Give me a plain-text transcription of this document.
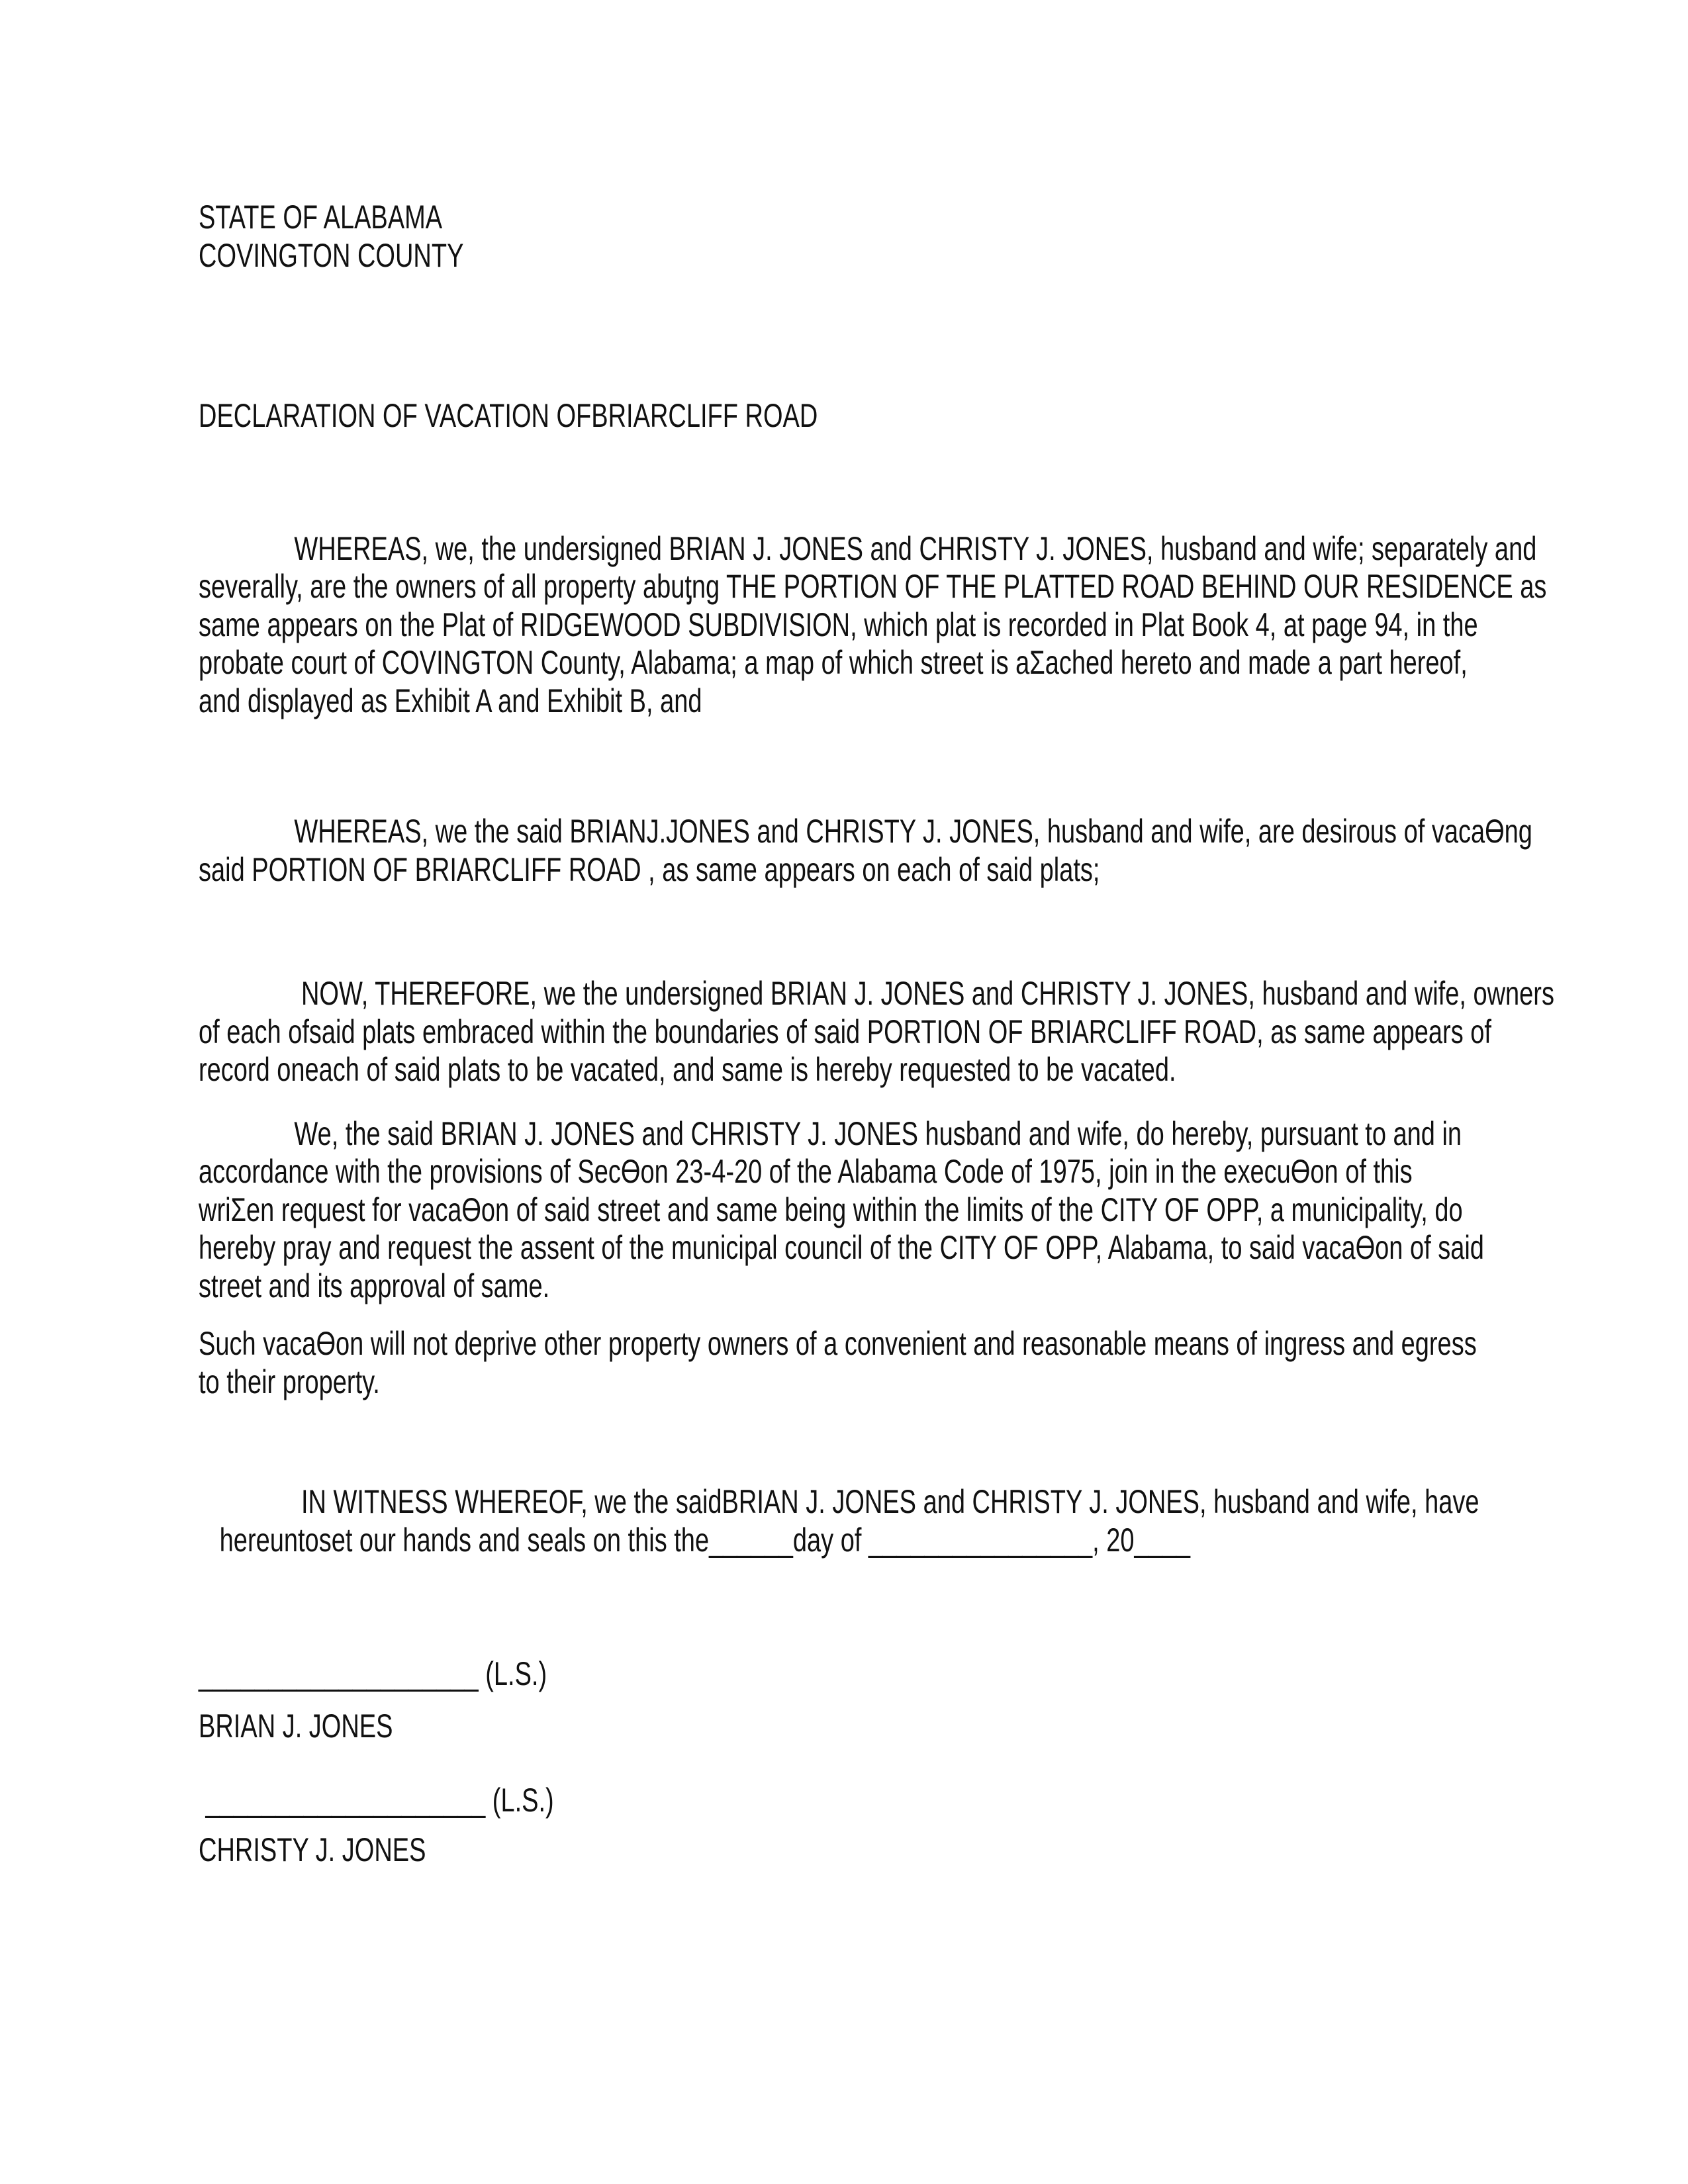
STATE OF ALABAMA
COVINGTON COUNTY
DECLARATION OF VACATION OFBRIARCLIFF ROAD
	WHEREAS, we, the undersigned BRIAN J. JONES and CHRISTY J. JONES, husband and wife; separately and
severally, are the owners of all property abuƫng THE PORTION OF THE PLATTED ROAD BEHIND OUR RESIDENCE as
same appears on the Plat of RIDGEWOOD SUBDIVISION, which plat is recorded in Plat Book 4, at page 94, in the
probate court of COVINGTON County, Alabama; a map of which street is aΣached hereto and made a part hereof,
and displayed as Exhibit A and Exhibit B, and
	WHEREAS, we the said BRIANJ.JONES and CHRISTY J. JONES, husband and wife, are desirous of vacaƟng
said PORTION OF BRIARCLIFF ROAD , as same appears on each of said plats;
	NOW, THEREFORE, we the undersigned BRIAN J. JONES and CHRISTY J. JONES, husband and wife, owners
of each ofsaid plats embraced within the boundaries of said PORTION OF BRIARCLIFF ROAD, as same appears of
record oneach of said plats to be vacated, and same is hereby requested to be vacated.
	We, the said BRIAN J. JONES and CHRISTY J. JONES husband and wife, do hereby, pursuant to and in
accordance with the provisions of SecƟon 23-4-20 of the Alabama Code of 1975, join in the execuƟon of this
wriΣen request for vacaƟon of said street and same being within the limits of the CITY OF OPP, a municipality, do
hereby pray and request the assent of the municipal council of the CITY OF OPP, Alabama, to said vacaƟon of said
street and its approval of same.
Such vacaƟon will not deprive other property owners of a convenient and reasonable means of ingress and egress
to their property.
	IN WITNESS WHEREOF, we the saidBRIAN J. JONES and CHRISTY J. JONES, husband and wife, have
hereuntoset our hands and seals on this the______day of ________________, 20____
____________________ (L.S.)
BRIAN J. JONES
____________________ (L.S.)
CHRISTY J. JONES
